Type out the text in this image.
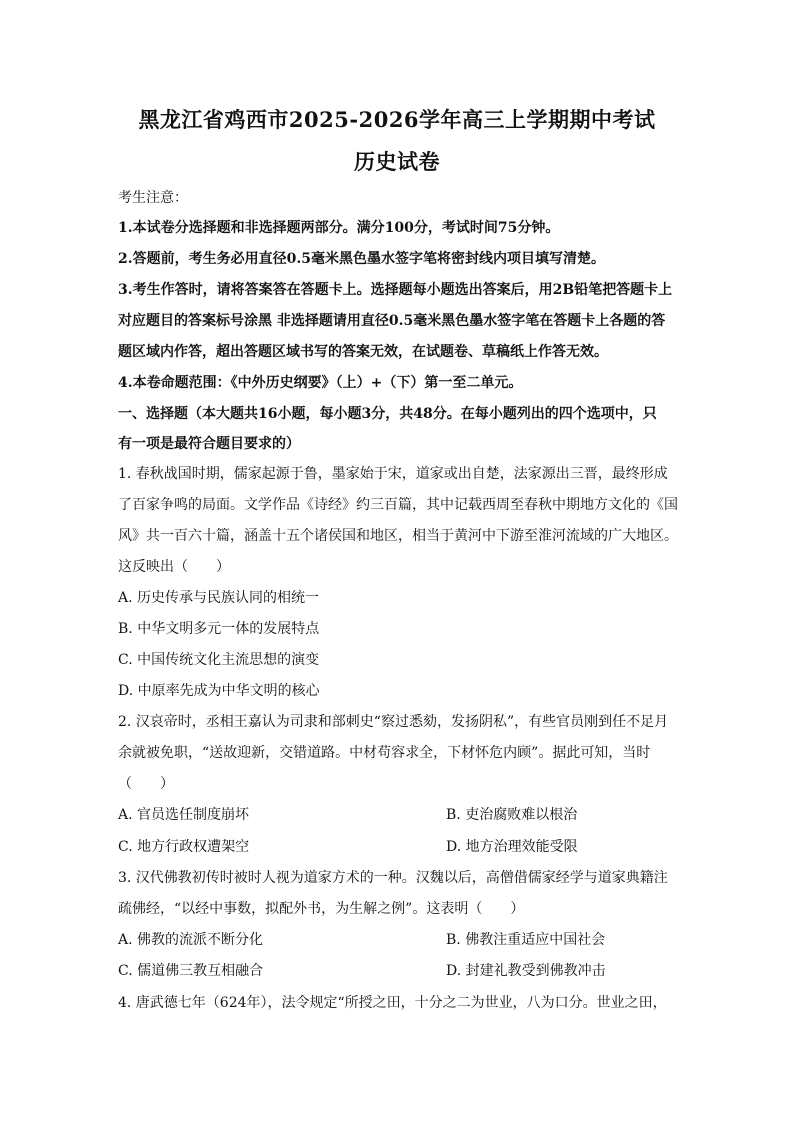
黑龙江省鸡西市2025-2026学年高三上学期期中考试
历史试卷
考生注意：
1.本试卷分选择题和非选择题两部分。满分100分，考试时间75分钟。
2.答题前，考生务必用直径0.5毫米黑色墨水签字笔将密封线内项目填写清楚。
3.考生作答时，请将答案答在答题卡上。选择题每小题选出答案后，用2B铅笔把答题卡上
对应题目的答案标号涂黑 非选择题请用直径0.5毫米黑色墨水签字笔在答题卡上各题的答
题区域内作答，超出答题区域书写的答案无效，在试题卷、草稿纸上作答无效。
4.本卷命题范围：《中外历史纲要》（上）+（下）第一至二单元。
一、选择题（本大题共16小题，每小题3分，共48分。在每小题列出的四个选项中，只
有一项是最符合题目要求的）
1. 春秋战国时期，儒家起源于鲁，墨家始于宋，道家或出自楚，法家源出三晋，最终形成
了百家争鸣的局面。文学作品《诗经》约三百篇，其中记载西周至春秋中期地方文化的《国
风》共一百六十篇，涵盖十五个诸侯国和地区，相当于黄河中下游至淮河流域的广大地区。
这反映出（　　）
A. 历史传承与民族认同的相统一
B. 中华文明多元一体的发展特点
C. 中国传统文化主流思想的演变
D. 中原率先成为中华文明的核心
2. 汉哀帝时，丞相王嘉认为司隶和部刺史“察过悉劾，发扬阴私”，有些官员刚到任不足月
余就被免职，“送故迎新，交错道路。中材苟容求全，下材怀危内顾”。据此可知，当时
（　　）
A. 官员选任制度崩坏	B. 吏治腐败难以根治
C. 地方行政权遭架空	D. 地方治理效能受限
3. 汉代佛教初传时被时人视为道家方术的一种。汉魏以后，高僧借儒家经学与道家典籍注
疏佛经，“以经中事数，拟配外书，为生解之例”。这表明（　　）
A. 佛教的流派不断分化	B. 佛教注重适应中国社会
C. 儒道佛三教互相融合	D. 封建礼教受到佛教冲击
4. 唐武德七年（624年），法令规定“所授之田，十分之二为世业，八为口分。世业之田，
